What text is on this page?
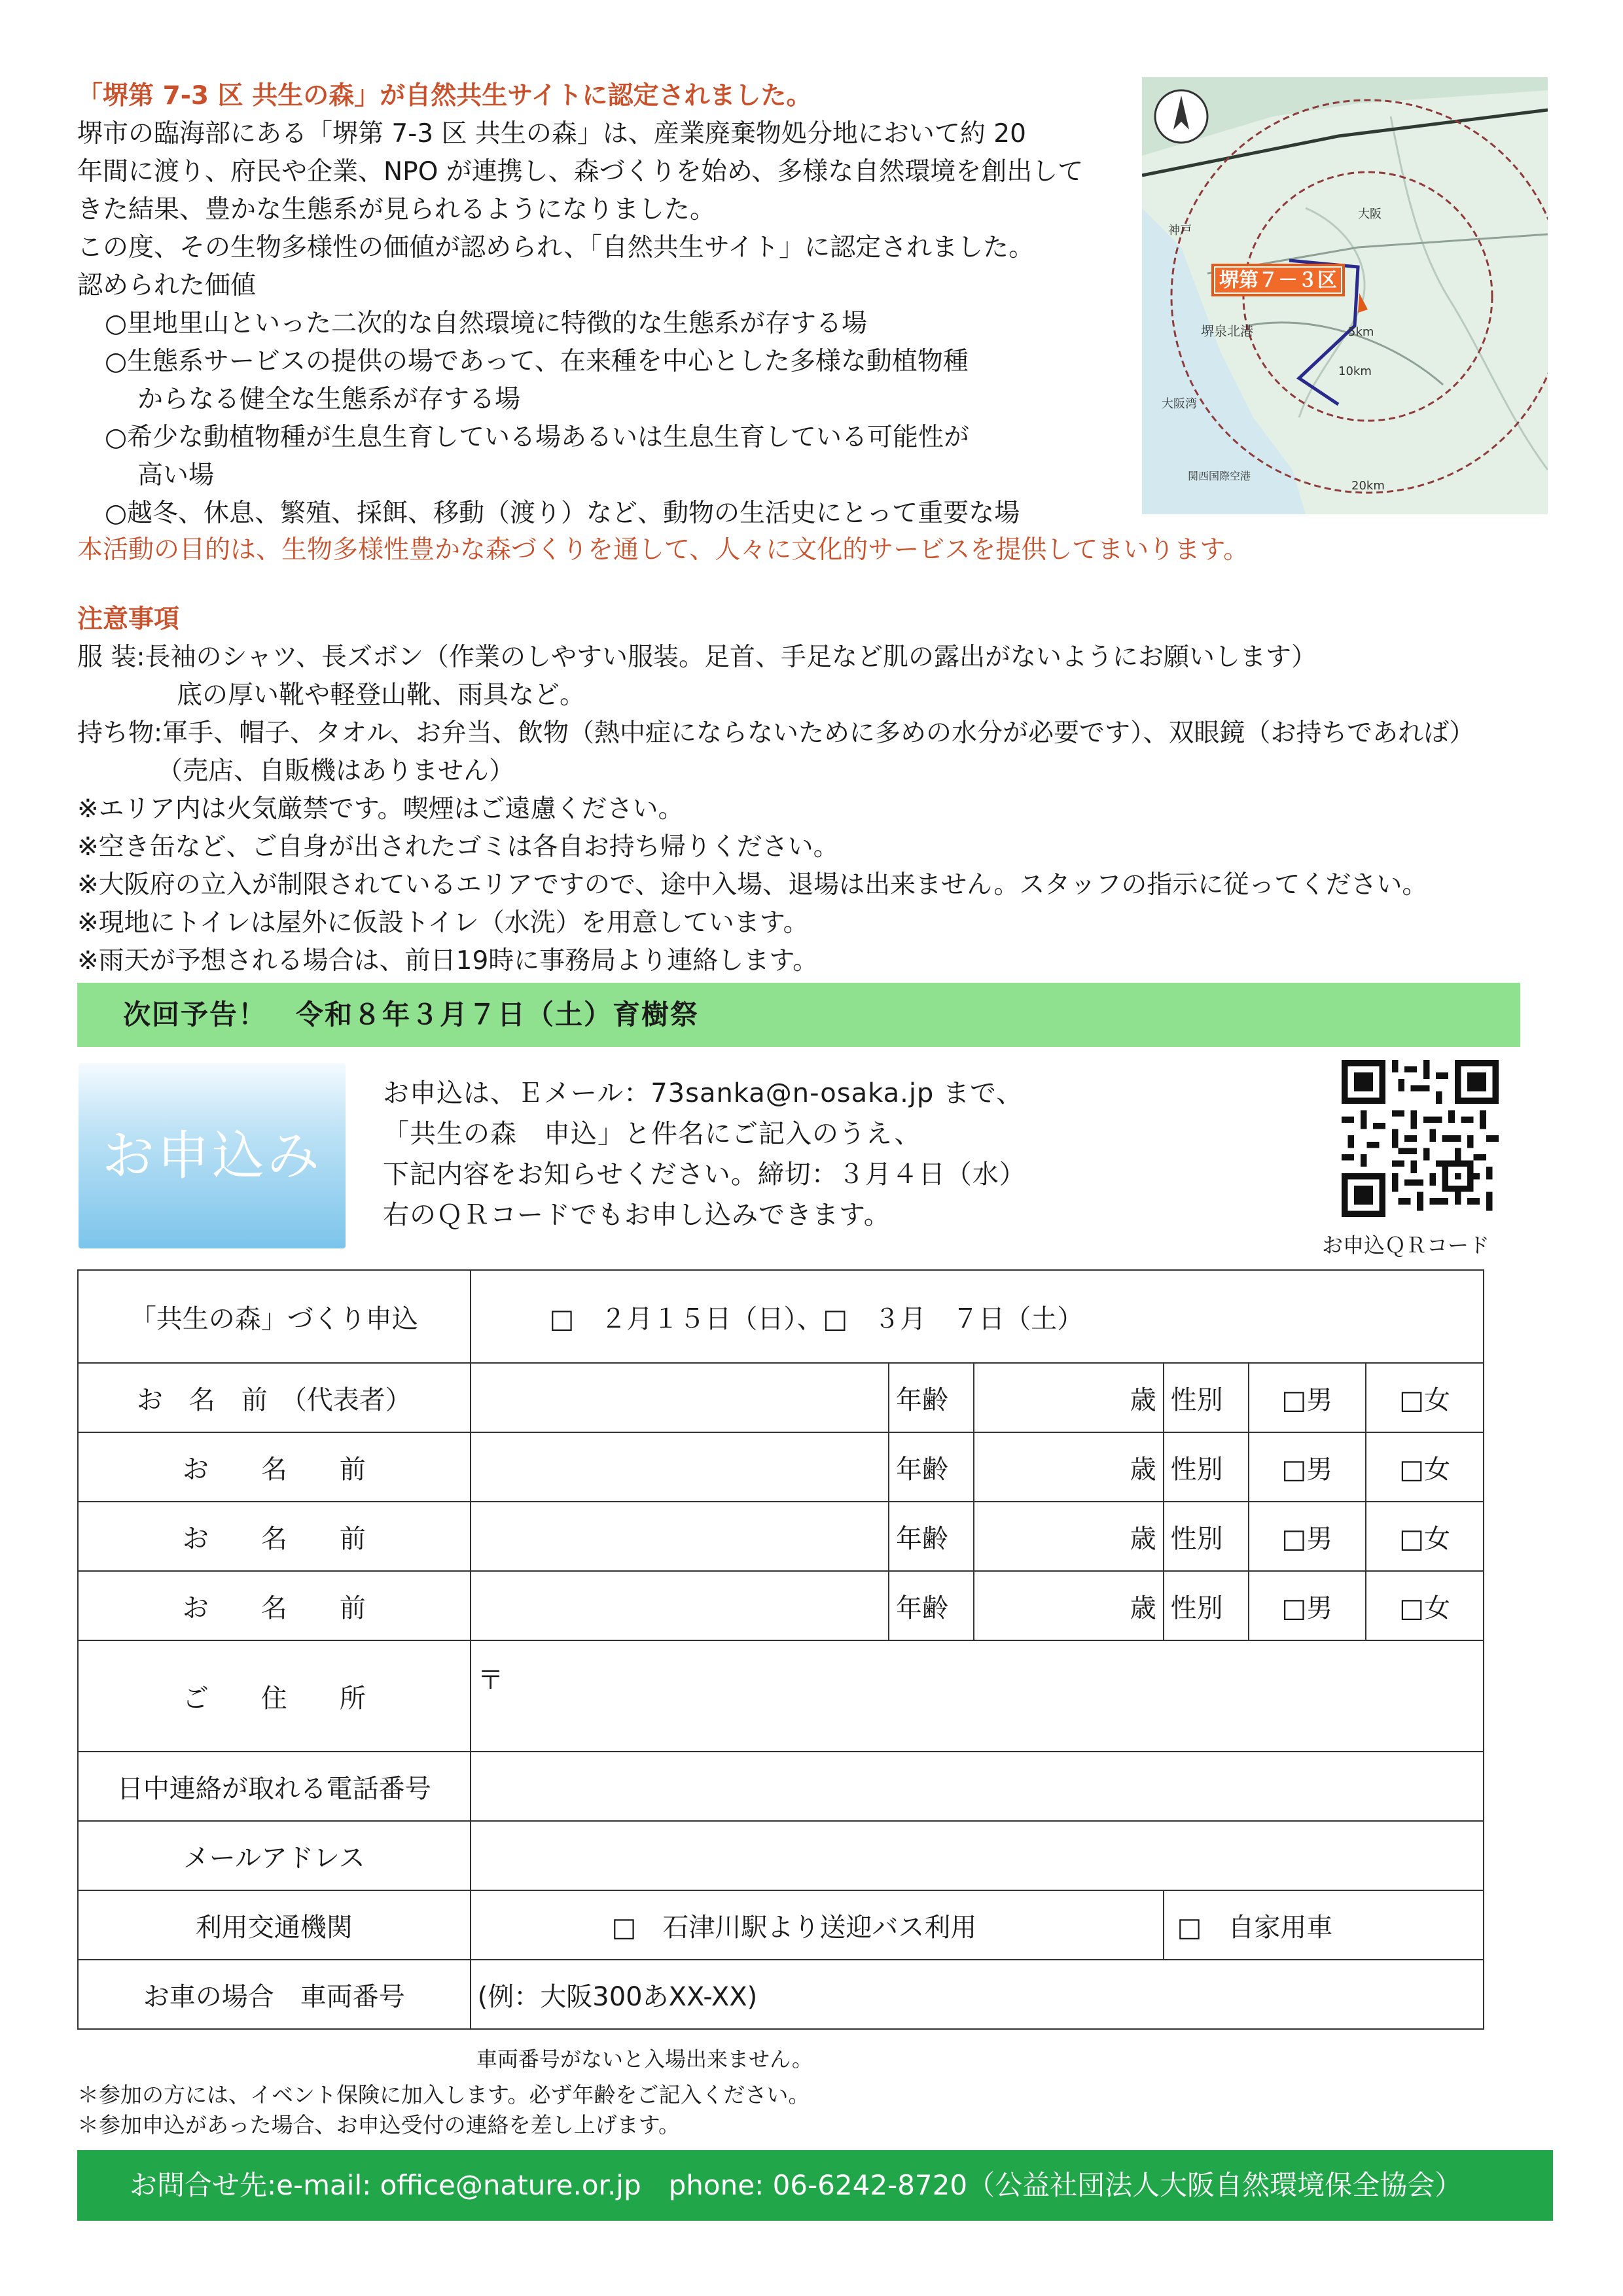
「堺第 7-3 区 共生の森」が自然共生サイトに認定されました。
堺市の臨海部にある「堺第 7-3 区 共生の森」は、産業廃棄物処分地において約 20
年間に渡り、府民や企業、NPO が連携し、森づくりを始め、多様な自然環境を創出して
きた結果、豊かな生態系が見られるようになりました。
この度、その生物多様性の価値が認められ、「自然共生サイト」に認定されました。
認められた価値
○里地里山といった二次的な自然環境に特徴的な生態系が存する場
○生態系サービスの提供の場であって、在来種を中心とした多様な動植物種
からなる健全な生態系が存する場
○希少な動植物種が生息生育している場あるいは生息生育している可能性が
高い場
○越冬、休息、繁殖、採餌、移動（渡り）など、動物の生活史にとって重要な場
本活動の目的は、生物多様性豊かな森づくりを通して、人々に文化的サービスを提供してまいります。
堺第７－３区
神戸
大阪
堺泉北港
大阪湾
関西国際空港
5km
10km
20km
注意事項
服 装:長袖のシャツ、長ズボン（作業のしやすい服装。足首、手足など肌の露出がないようにお願いします）
底の厚い靴や軽登山靴、雨具など。
持ち物:軍手、帽子、タオル、お弁当、飲物（熱中症にならないために多めの水分が必要です）、双眼鏡（お持ちであれば）
（売店、自販機はありません）
※エリア内は火気厳禁です。喫煙はご遠慮ください。
※空き缶など、ご自身が出されたゴミは各自お持ち帰りください。
※大阪府の立入が制限されているエリアですので、途中入場、退場は出来ません。スタッフの指示に従ってください。
※現地にトイレは屋外に仮設トイレ（水洗）を用意しています。
※雨天が予想される場合は、前日19時に事務局より連絡します。
次回予告！　令和８年３月７日（土）育樹祭
お申込み
お申込は、Ｅメール：73sanka@n-osaka.jp まで、
「共生の森　申込」と件名にご記入のうえ、
下記内容をお知らせください。締切：３月４日（水）
右のＱＲコードでもお申し込みできます。
お申込ＱＲコード
「共生の森」づくり申込	□　２月１５日（日）、□　３月　７日（土）					
お　名　前　（代表者）		年齢	歳	性別	□男	□女
お　　名　　前		年齢	歳	性別	□男	□女
お　　名　　前		年齢	歳	性別	□男	□女
お　　名　　前		年齢	歳	性別	□男	□女
ご　　住　　所	〒					
日中連絡が取れる電話番号						
メールアドレス						
利用交通機関	□　石津川駅より送迎バス利用			□　自家用車		
お車の場合　車両番号	(例：大阪300あXX-XX)					
車両番号がないと入場出来ません。
＊参加の方には、イベント保険に加入します。必ず年齢をご記入ください。
＊参加申込があった場合、お申込受付の連絡を差し上げます。
お問合せ先:e-mail: office@nature.or.jp　phone: 06-6242-8720（公益社団法人大阪自然環境保全協会）
